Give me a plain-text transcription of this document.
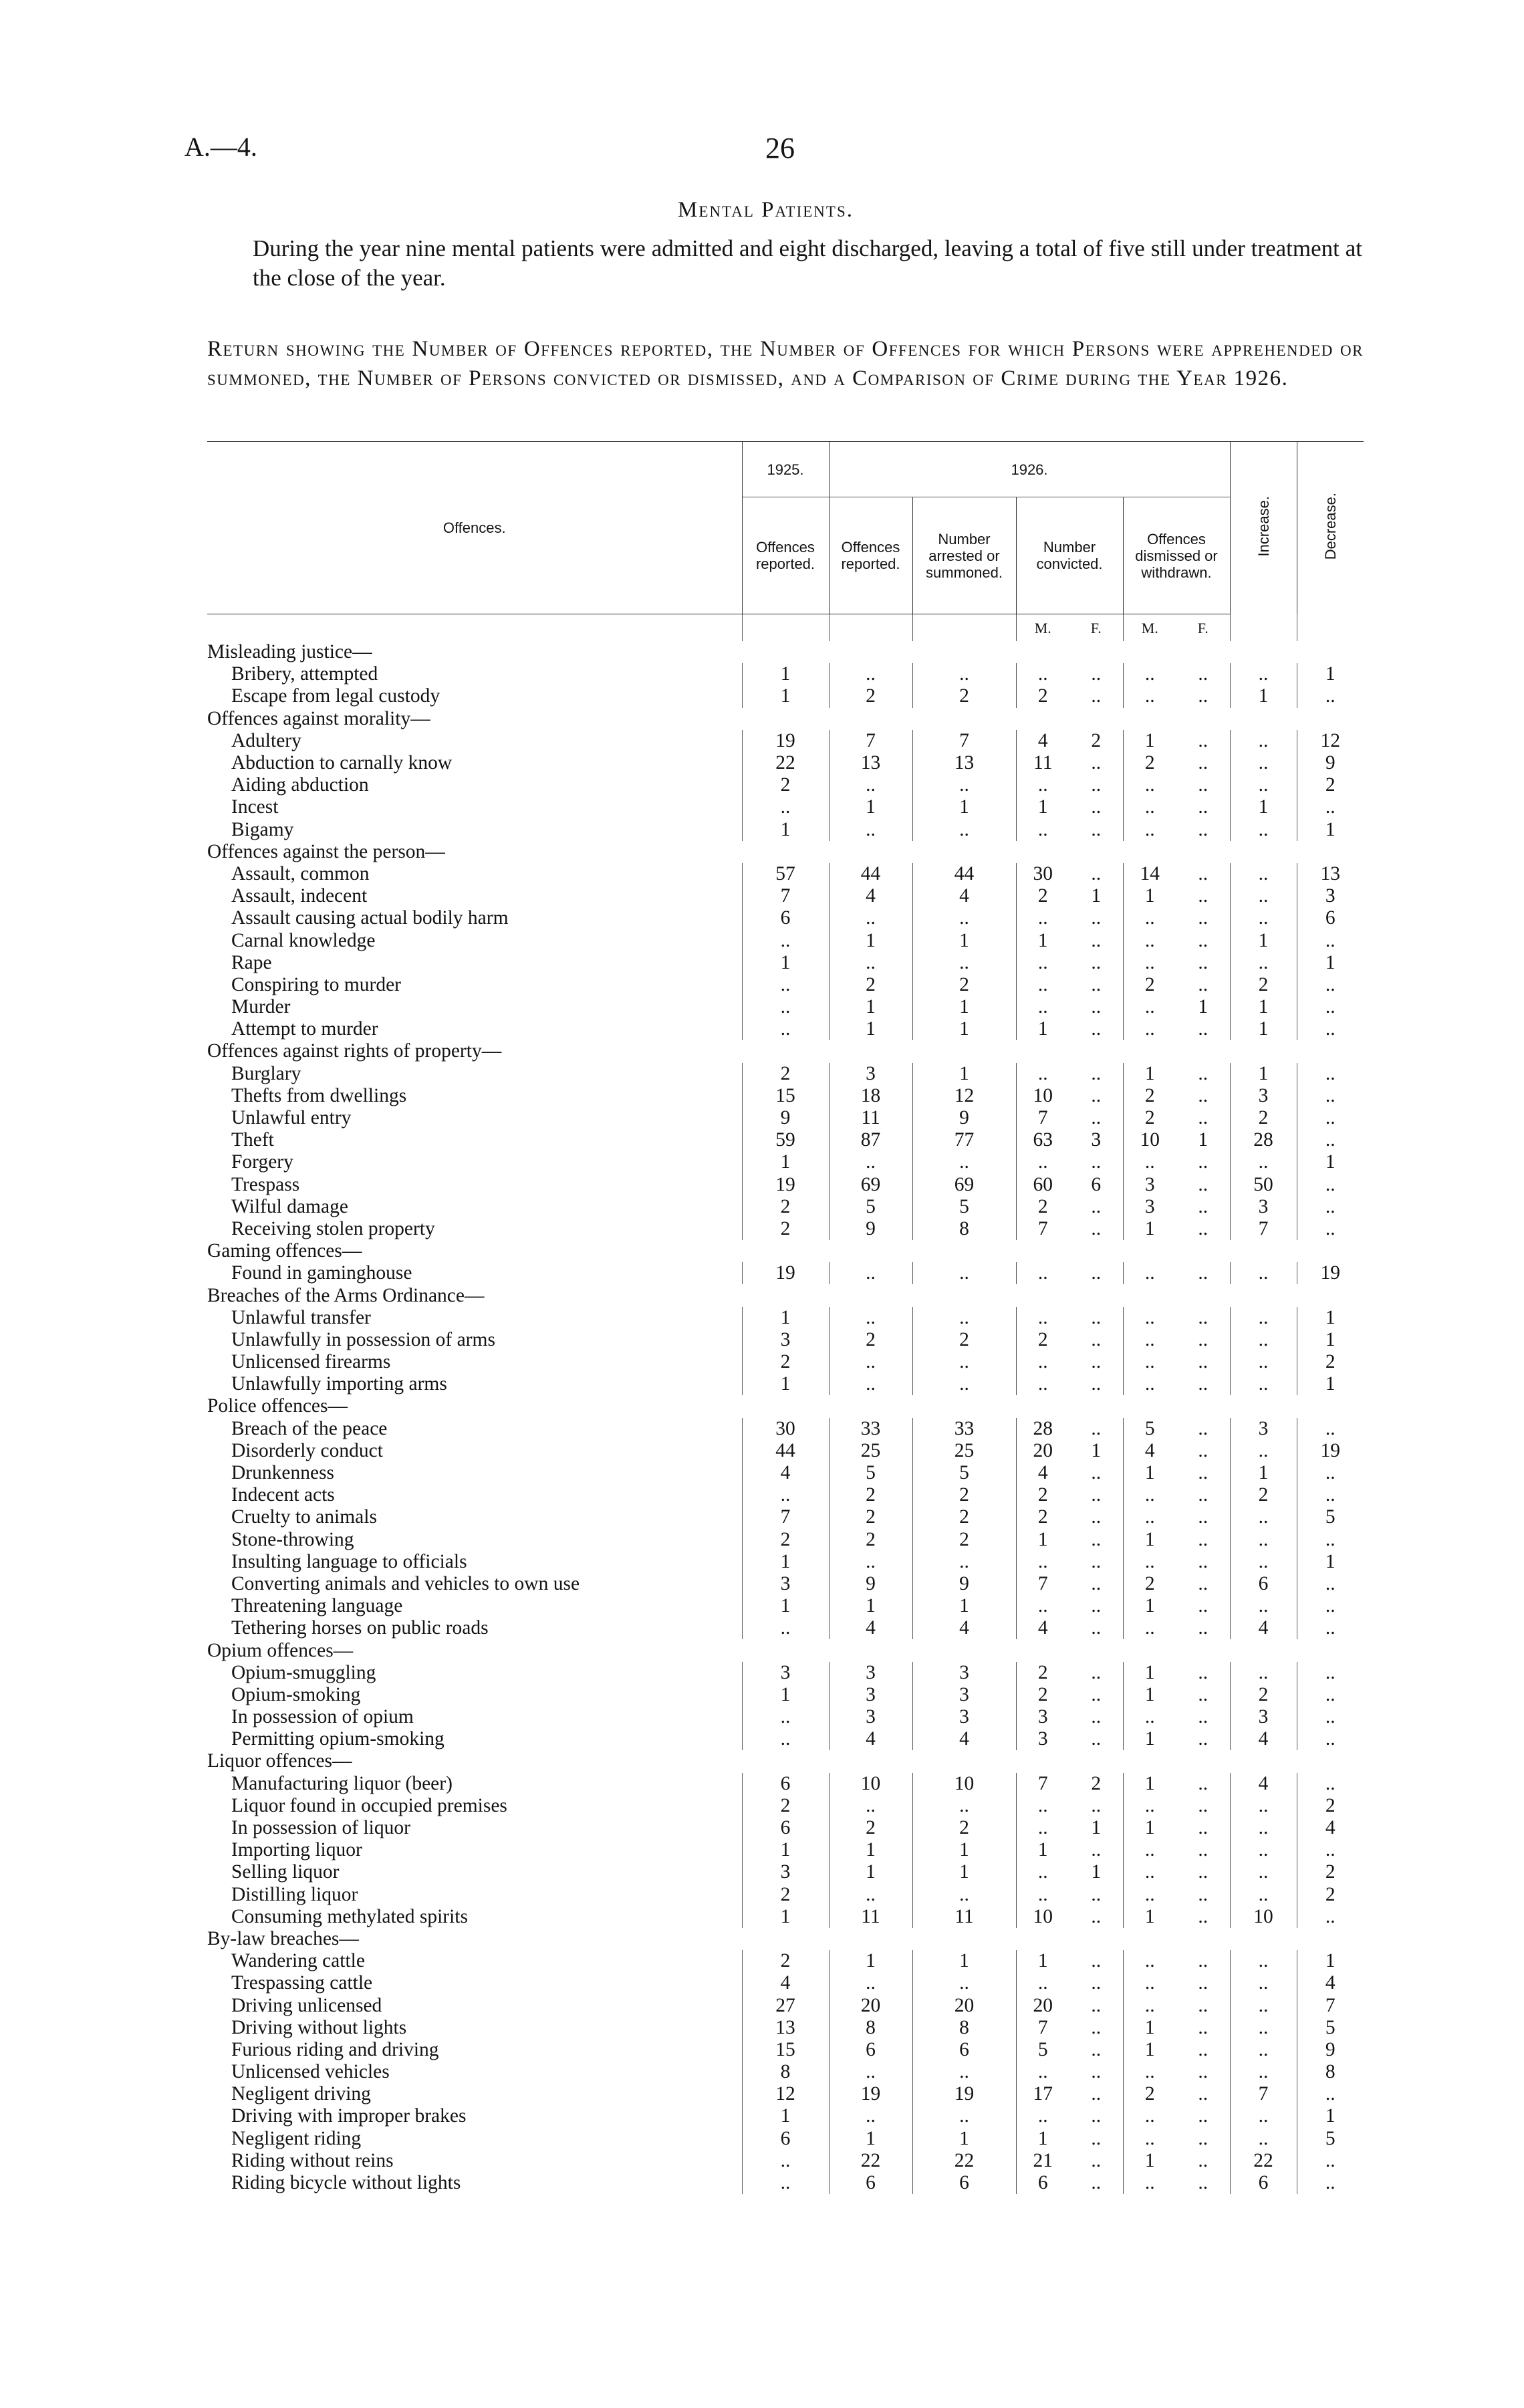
A.—4.	26
Mental Patients.
During the year nine mental patients were admitted and eight discharged, leaving a total of five still under treatment at the close of the year.
Return showing the Number of Offences reported, the Number of Offences for which Persons were apprehended or summoned, the Number of Persons convicted or dismissed, and a Comparison of Crime during the Year 1926.
Offences.	1925.	1926.						Increase.	Decrease.
	Offences reported.	Offences reported.	Number arrested or summoned.	Number convicted.		Offences dismissed or withdrawn.			
				M.	F.	M.	F.		
Misleading justice—									
Bribery, attempted	1	..	..	..	..	..	..	..	1
Escape from legal custody	1	2	2	2	..	..	..	1	..
Offences against morality—									
Adultery	19	7	7	4	2	1	..	..	12
Abduction to carnally know	22	13	13	11	..	2	..	..	9
Aiding abduction	2	..	..	..	..	..	..	..	2
Incest	..	1	1	1	..	..	..	1	..
Bigamy	1	..	..	..	..	..	..	..	1
Offences against the person—									
Assault, common	57	44	44	30	..	14	..	..	13
Assault, indecent	7	4	4	2	1	1	..	..	3
Assault causing actual bodily harm	6	..	..	..	..	..	..	..	6
Carnal knowledge	..	1	1	1	..	..	..	1	..
Rape	1	..	..	..	..	..	..	..	1
Conspiring to murder	..	2	2	..	..	2	..	2	..
Murder	..	1	1	..	..	..	1	1	..
Attempt to murder	..	1	1	1	..	..	..	1	..
Offences against rights of property—									
Burglary	2	3	1	..	..	1	..	1	..
Thefts from dwellings	15	18	12	10	..	2	..	3	..
Unlawful entry	9	11	9	7	..	2	..	2	..
Theft	59	87	77	63	3	10	1	28	..
Forgery	1	..	..	..	..	..	..	..	1
Trespass	19	69	69	60	6	3	..	50	..
Wilful damage	2	5	5	2	..	3	..	3	..
Receiving stolen property	2	9	8	7	..	1	..	7	..
Gaming offences—									
Found in gaminghouse	19	..	..	..	..	..	..	..	19
Breaches of the Arms Ordinance—									
Unlawful transfer	1	..	..	..	..	..	..	..	1
Unlawfully in possession of arms	3	2	2	2	..	..	..	..	1
Unlicensed firearms	2	..	..	..	..	..	..	..	2
Unlawfully importing arms	1	..	..	..	..	..	..	..	1
Police offences—									
Breach of the peace	30	33	33	28	..	5	..	3	..
Disorderly conduct	44	25	25	20	1	4	..	..	19
Drunkenness	4	5	5	4	..	1	..	1	..
Indecent acts	..	2	2	2	..	..	..	2	..
Cruelty to animals	7	2	2	2	..	..	..	..	5
Stone-throwing	2	2	2	1	..	1	..	..	..
Insulting language to officials	1	..	..	..	..	..	..	..	1
Converting animals and vehicles to own use	3	9	9	7	..	2	..	6	..
Threatening language	1	1	1	..	..	1	..	..	..
Tethering horses on public roads	..	4	4	4	..	..	..	4	..
Opium offences—									
Opium-smuggling	3	3	3	2	..	1	..	..	..
Opium-smoking	1	3	3	2	..	1	..	2	..
In possession of opium	..	3	3	3	..	..	..	3	..
Permitting opium-smoking	..	4	4	3	..	1	..	4	..
Liquor offences—									
Manufacturing liquor (beer)	6	10	10	7	2	1	..	4	..
Liquor found in occupied premises	2	..	..	..	..	..	..	..	2
In possession of liquor	6	2	2	..	1	1	..	..	4
Importing liquor	1	1	1	1	..	..	..	..	..
Selling liquor	3	1	1	..	1	..	..	..	2
Distilling liquor	2	..	..	..	..	..	..	..	2
Consuming methylated spirits	1	11	11	10	..	1	..	10	..
By-law breaches—									
Wandering cattle	2	1	1	1	..	..	..	..	1
Trespassing cattle	4	..	..	..	..	..	..	..	4
Driving unlicensed	27	20	20	20	..	..	..	..	7
Driving without lights	13	8	8	7	..	1	..	..	5
Furious riding and driving	15	6	6	5	..	1	..	..	9
Unlicensed vehicles	8	..	..	..	..	..	..	..	8
Negligent driving	12	19	19	17	..	2	..	7	..
Driving with improper brakes	1	..	..	..	..	..	..	..	1
Negligent riding	6	1	1	1	..	..	..	..	5
Riding without reins	..	22	22	21	..	1	..	22	..
Riding bicycle without lights	..	6	6	6	..	..	..	6	..
